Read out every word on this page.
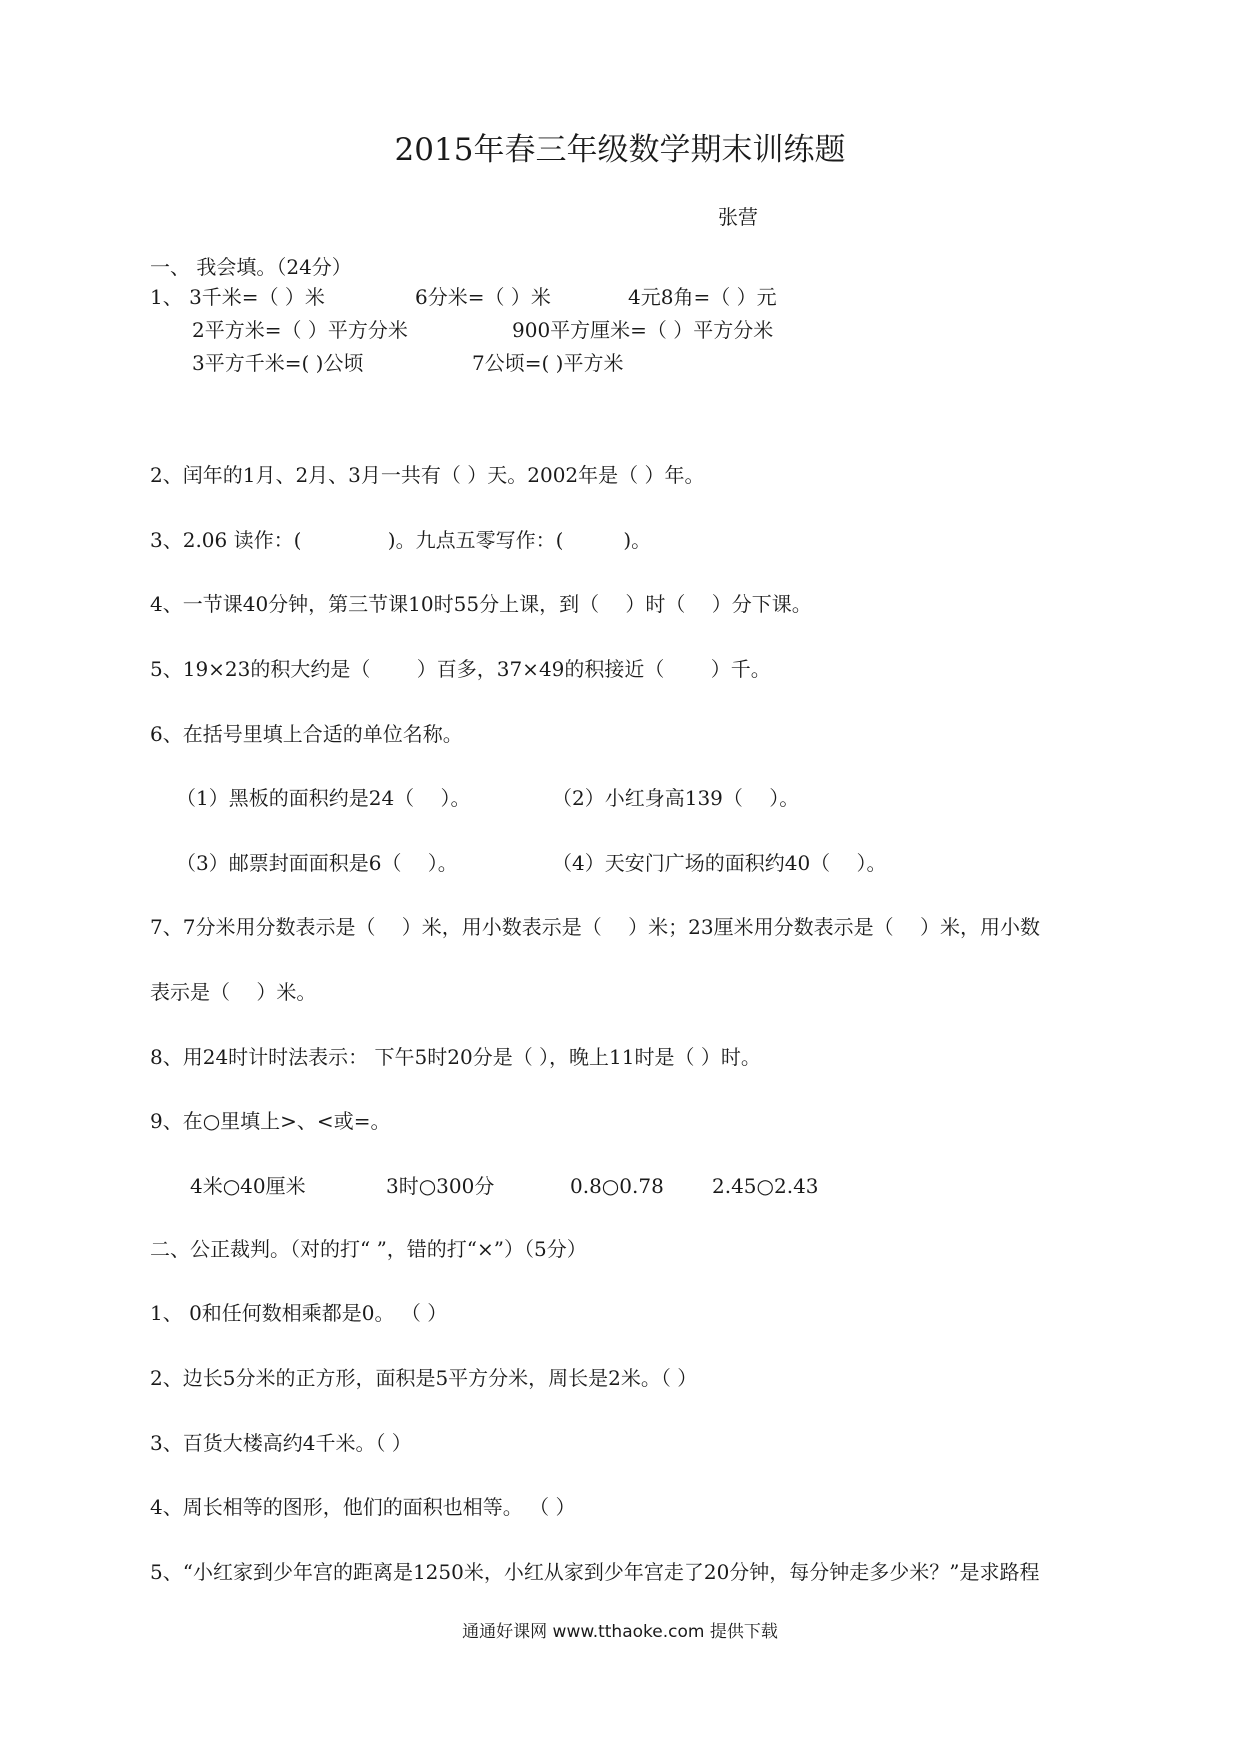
2015年春三年级数学期末训练题
张营
一、 我会填。（24分）
1、 3千米=（ ）米	6分米=（ ）米	4元8角=（ ）元
2平方米=（ ）平方分米	900平方厘米=（ ）平方分米
3平方千米=( )公顷	7公顷=( )平方米
2、闰年的1月、2月、3月一共有（ ）天。2002年是（ ）年。
3、2.06 读作：(　　　　 )。九点五零写作：(　　　)。
4、一节课40分钟，第三节课10时55分上课，到（　 ）时（　 ）分下课。
5、19×23的积大约是（　　 ）百多，37×49的积接近（　　 ）千。
6、在括号里填上合适的单位名称。
（1）黑板的面积约是24（　 ）。	（2）小红身高139（　 ）。
（3）邮票封面面积是6（　 ）。	（4）天安门广场的面积约40（　 ）。
7、7分米用分数表示是（　 ）米，用小数表示是（　 ）米；23厘米用分数表示是（　 ）米，用小数
表示是（　 ）米。
8、用24时计时法表示： 下午5时20分是（ ），晚上11时是（ ）时。
9、在○里填上>、<或=。
4米○40厘米	3时○300分	0.8○0.78 2.45○2.43
二、公正裁判。（对的打“ ”，错的打“×”）（5分）
1、 0和任何数相乘都是0。 （ ）
2、边长5分米的正方形，面积是5平方分米，周长是2米。（ ）
3、百货大楼高约4千米。（ ）
4、周长相等的图形，他们的面积也相等。 （ ）
5、“小红家到少年宫的距离是1250米，小红从家到少年宫走了20分钟，每分钟走多少米？”是求路程
通通好课网 www.tthaoke.com 提供下载
